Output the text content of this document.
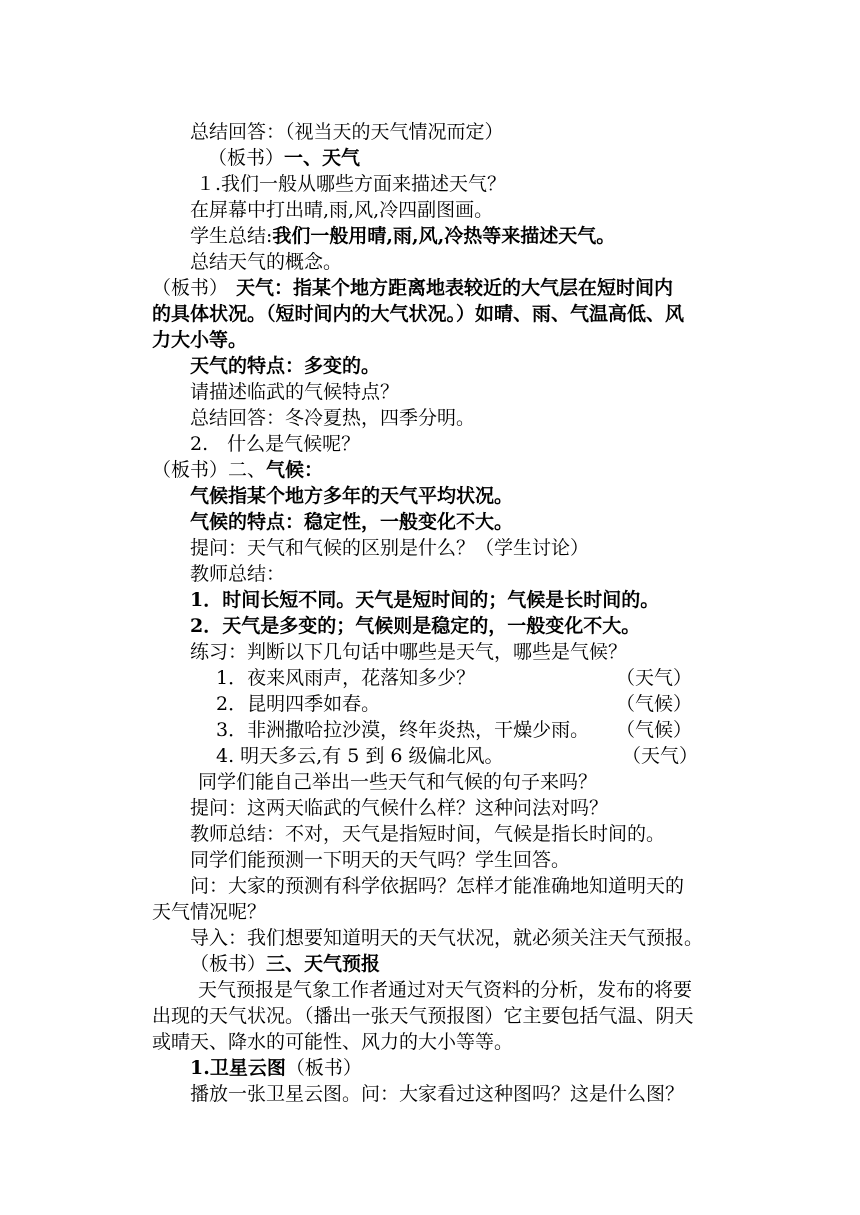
总结回答：（视当天的天气情况而定）
（板书）一、天气
１.我们一般从哪些方面来描述天气？
在屏幕中打出晴,雨,风,冷四副图画。
学生总结:我们一般用晴,雨,风,冷热等来描述天气。
总结天气的概念。
（板书） 天气：指某个地方距离地表较近的大气层在短时间内
的具体状况。（短时间内的大气状况。）如晴、雨、气温高低、风
力大小等。
天气的特点：多变的。
请描述临武的气候特点？
总结回答：冬冷夏热，四季分明。
2.　什么是气候呢？
（板书）二、气候：
气候指某个地方多年的天气平均状况。
气候的特点：稳定性，一般变化不大。
提问：天气和气候的区别是什么？（学生讨论）
教师总结：
1．时间长短不同。天气是短时间的；气候是长时间的。
2．天气是多变的；气候则是稳定的，一般变化不大。
练习：判断以下几句话中哪些是天气，哪些是气候？
1．夜来风雨声，花落知多少？	（天气）
2．昆明四季如春。	（气候）
3．非洲撒哈拉沙漠，终年炎热，干燥少雨。 （气候）
4. 明天多云,有 5 到 6 级偏北风。	（天气）
同学们能自己举出一些天气和气候的句子来吗？
提问：这两天临武的气候什么样？这种问法对吗？
教师总结：不对，天气是指短时间，气候是指长时间的。
同学们能预测一下明天的天气吗？学生回答。
问：大家的预测有科学依据吗？怎样才能准确地知道明天的
天气情况呢？
导入：我们想要知道明天的天气状况，就必须关注天气预报。
（板书）三、天气预报
天气预报是气象工作者通过对天气资料的分析，发布的将要
出现的天气状况。（播出一张天气预报图）它主要包括气温、阴天
或晴天、降水的可能性、风力的大小等等。
1.卫星云图（板书）
播放一张卫星云图。问：大家看过这种图吗？这是什么图？
